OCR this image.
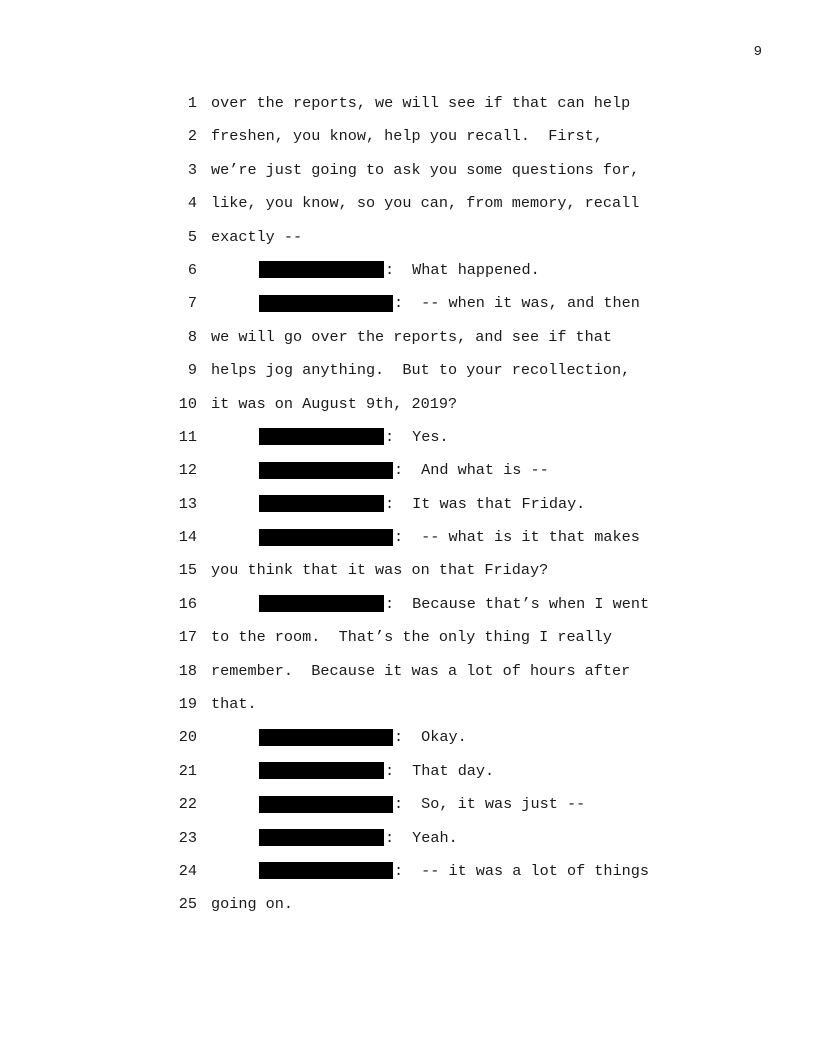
9
1 over the reports, we will see if that can help
2 freshen, you know, help you recall.  First,
3 we’re just going to ask you some questions for,
4 like, you know, so you can, from memory, recall
5 exactly --
6	:	What happened.
7	:	-- when it was, and then
8 we will go over the reports, and see if that
9 helps jog anything.  But to your recollection,
10 it was on August 9th, 2019?
11	:	Yes.
12	:	And what is --
13	:	It was that Friday.
14	:	-- what is it that makes
15 you think that it was on that Friday?
16	:	Because that’s when I went
17 to the room.  That’s the only thing I really
18 remember.  Because it was a lot of hours after
19 that.
20	:	Okay.
21	:	That day.
22	:	So, it was just --
23	:	Yeah.
24	:	-- it was a lot of things
25 going on.
